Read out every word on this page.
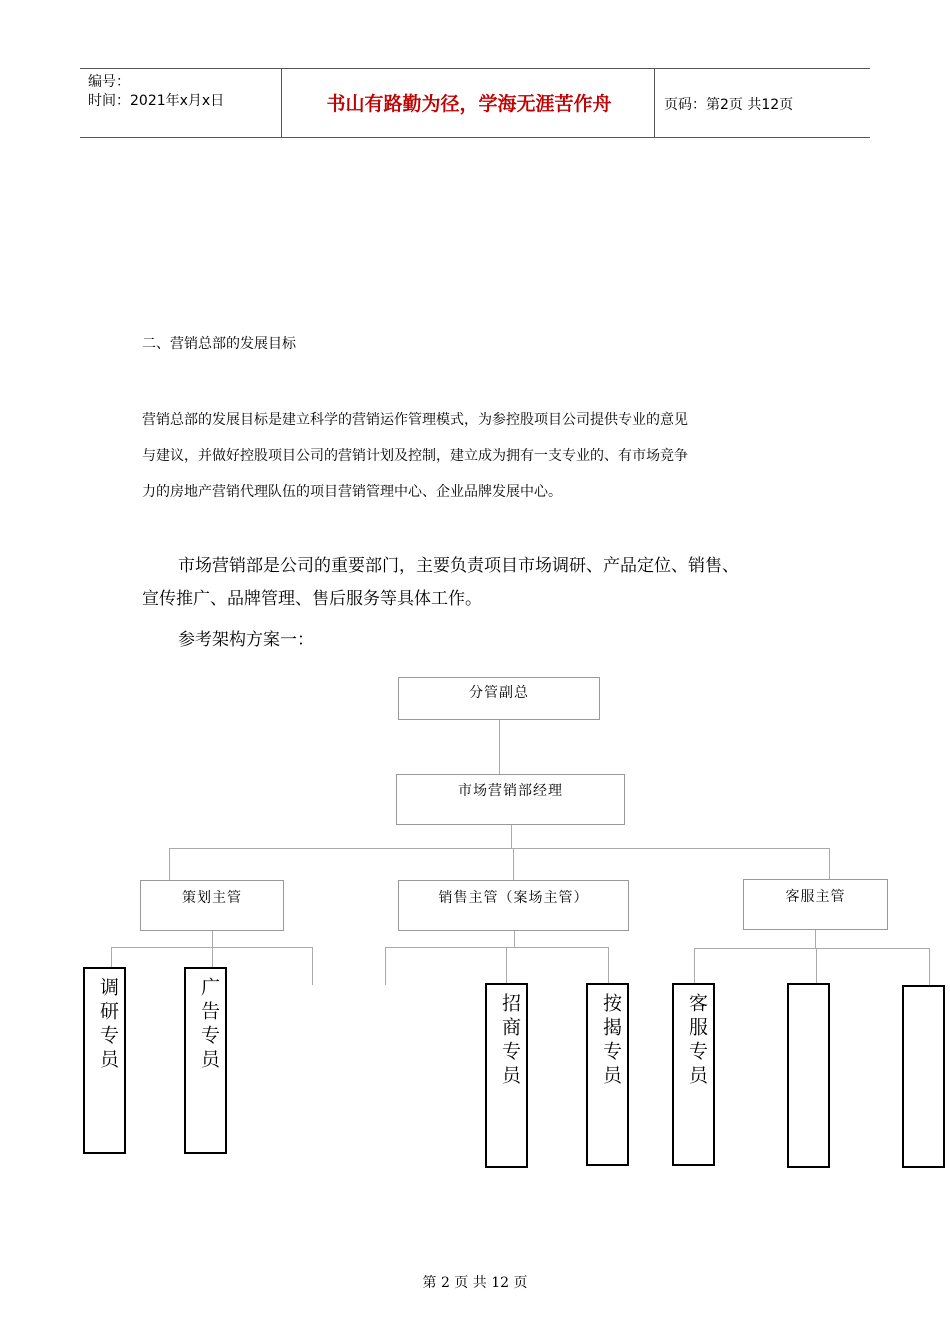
编号：
时间：2021年x月x日	书山有路勤为径，学海无涯苦作舟	页码：第2页 共12页
二、营销总部的发展目标
营销总部的发展目标是建立科学的营销运作管理模式，为参控股项目公司提供专业的意见
与建议，并做好控股项目公司的营销计划及控制，建立成为拥有一支专业的、有市场竞争
力的房地产营销代理队伍的项目营销管理中心、企业品牌发展中心。
市场营销部是公司的重要部门，主要负责项目市场调研、产品定位、销售、
宣传推广、品牌管理、售后服务等具体工作。
参考架构方案一：
分管副总
市场营销部经理
策划主管	销售主管（案场主管）	客服主管
调研专员	广告专员	招商专员	按揭专员	客服专员
第 2 页 共 12 页
